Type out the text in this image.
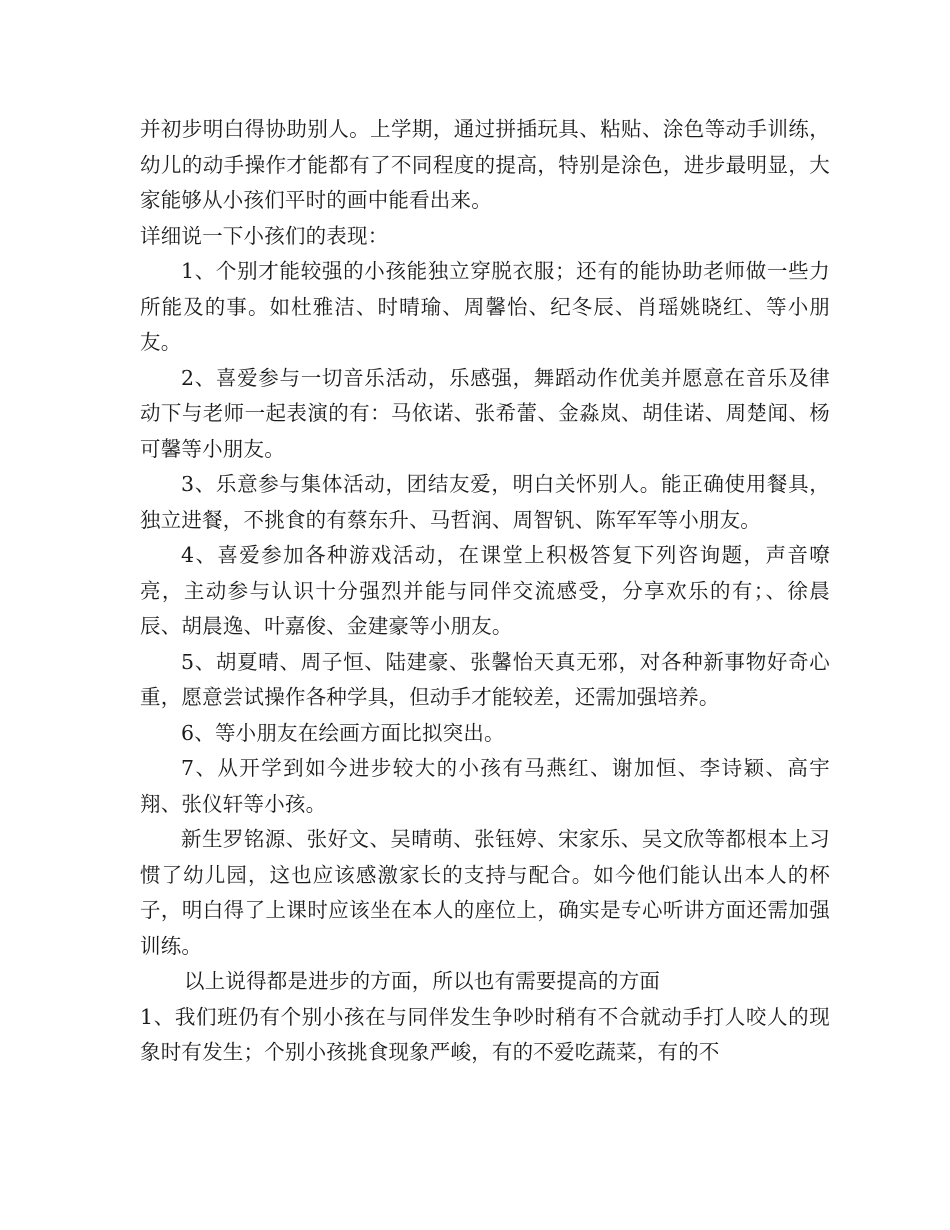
并初步明白得协助别人。上学期，通过拼插玩具、粘贴、涂色等动手训练，幼儿的动手操作才能都有了不同程度的提高，特别是涂色，进步最明显，大家能够从小孩们平时的画中能看出来。

详细说一下小孩们的表现：

1、个别才能较强的小孩能独立穿脱衣服；还有的能协助老师做一些力所能及的事。如杜雅洁、时晴瑜、周馨怡、纪冬辰、肖瑶姚晓红、等小朋友。

2、喜爱参与一切音乐活动，乐感强，舞蹈动作优美并愿意在音乐及律动下与老师一起表演的有：马依诺、张希蕾、金淼岚、胡佳诺、周楚闻、杨可馨等小朋友。

3、乐意参与集体活动，团结友爱，明白关怀别人。能正确使用餐具，独立进餐，不挑食的有蔡东升、马哲润、周智钒、陈军军等小朋友。

4、喜爱参加各种游戏活动，在课堂上积极答复下列咨询题，声音嘹亮，主动参与认识十分强烈并能与同伴交流感受，分享欢乐的有；、徐晨辰、胡晨逸、叶嘉俊、金建豪等小朋友。

5、胡夏晴、周子恒、陆建豪、张馨怡天真无邪，对各种新事物好奇心重，愿意尝试操作各种学具，但动手才能较差，还需加强培养。

6、等小朋友在绘画方面比拟突出。

7、从开学到如今进步较大的小孩有马燕红、谢加恒、李诗颖、高宇翔、张仪轩等小孩。

新生罗铭源、张好文、吴晴萌、张钰婷、宋家乐、吴文欣等都根本上习惯了幼儿园，这也应该感激家长的支持与配合。如今他们能认出本人的杯子，明白得了上课时应该坐在本人的座位上，确实是专心听讲方面还需加强训练。

以上说得都是进步的方面，所以也有需要提高的方面

1、我们班仍有个别小孩在与同伴发生争吵时稍有不合就动手打人咬人的现象时有发生；个别小孩挑食现象严峻，有的不爱吃蔬菜，有的不
